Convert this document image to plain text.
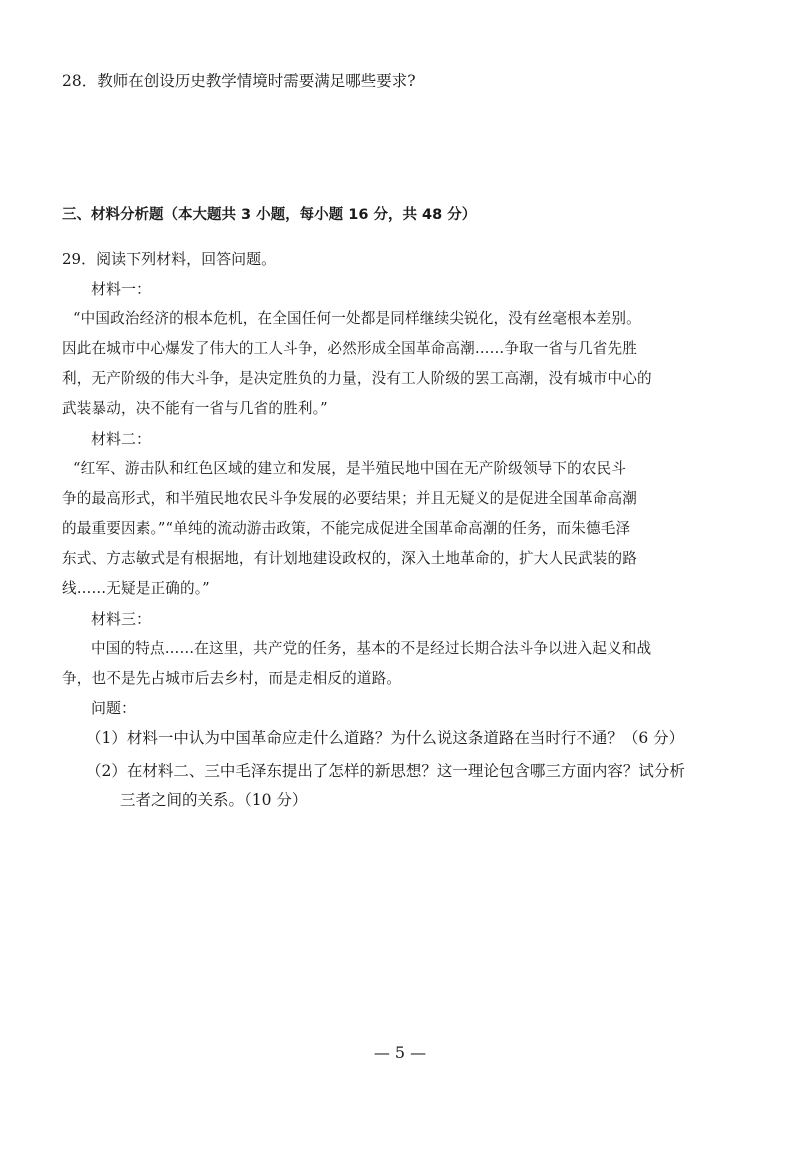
28．教师在创设历史教学情境时需要满足哪些要求?
三、材料分析题（本大题共 3 小题，每小题 16 分，共 48 分）
29．阅读下列材料，回答问题。
材料一：
“中国政治经济的根本危机，在全国任何一处都是同样继续尖锐化，没有丝毫根本差别。
因此在城市中心爆发了伟大的工人斗争，必然形成全国革命高潮……争取一省与几省先胜
利，无产阶级的伟大斗争，是决定胜负的力量，没有工人阶级的罢工高潮，没有城市中心的
武装暴动，决不能有一省与几省的胜利。”
材料二：
“红军、游击队和红色区域的建立和发展，是半殖民地中国在无产阶级领导下的农民斗
争的最高形式，和半殖民地农民斗争发展的必要结果；并且无疑义的是促进全国革命高潮
的最重要因素。”“单纯的流动游击政策，不能完成促进全国革命高潮的任务，而朱德毛泽
东式、方志敏式是有根据地，有计划地建设政权的，深入土地革命的，扩大人民武装的路
线……无疑是正确的。”
材料三：
中国的特点……在这里，共产党的任务，基本的不是经过长期合法斗争以进入起义和战
争，也不是先占城市后去乡村，而是走相反的道路。
问题：
（1）材料一中认为中国革命应走什么道路？为什么说这条道路在当时行不通？（6 分）
（2）在材料二、三中毛泽东提出了怎样的新思想？这一理论包含哪三方面内容？试分析
三者之间的关系。（10 分）
— 5 —
